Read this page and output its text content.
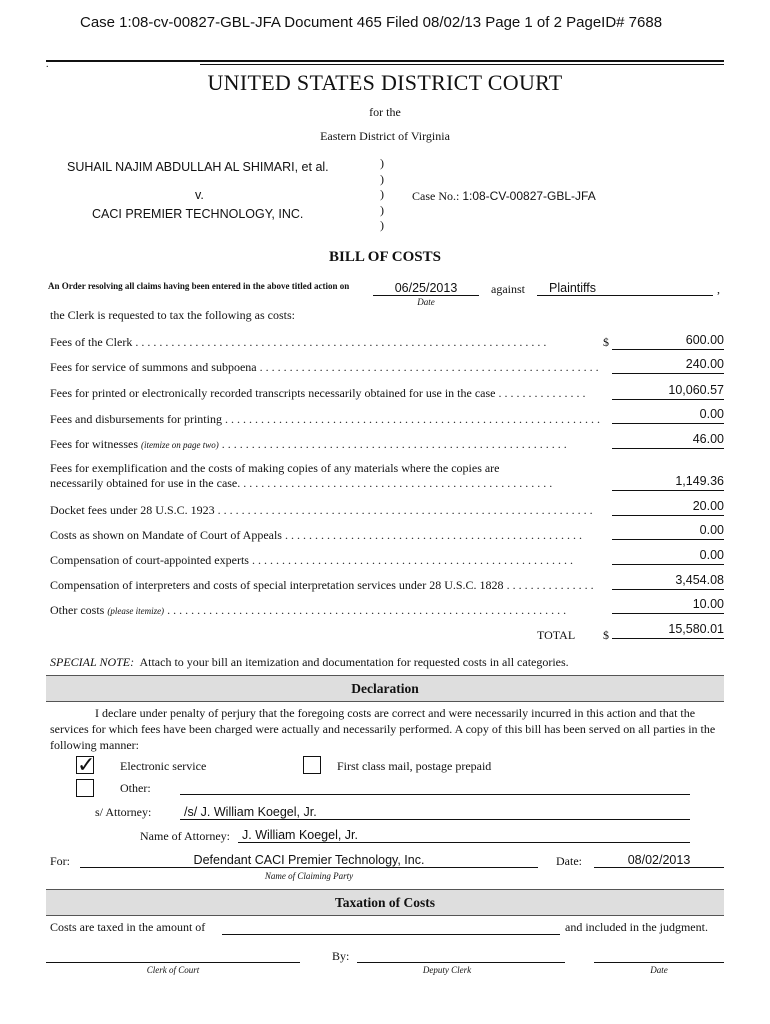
Case 1:08-cv-00827-GBL-JFA Document 465 Filed 08/02/13 Page 1 of 2 PageID# 7688
.
UNITED STATES DISTRICT COURT
for the
Eastern District of Virginia
SUHAIL NAJIM ABDULLAH AL SHIMARI, et al.
v.
CACI PREMIER TECHNOLOGY, INC.
)
)
)
)
)
Case No.: 1:08-CV-00827-GBL-JFA
BILL OF COSTS
An Order resolving all claims having been entered in the above titled action on	06/25/2013
Date
against	Plaintiffs	,
the Clerk is requested to tax the following as costs:
Fees of the Clerk . . . . . . . . . . . . . . . . . . . . . . . . . . . . . . . . . . . . . . . . . . . . . . . . . . . . . . . . . . . . . . . . . . . . .	$	600.00
Fees for service of summons and subpoena . . . . . . . . . . . . . . . . . . . . . . . . . . . . . . . . . . . . . . . . . . . . . . . . . . . . . . . . .	240.00
Fees for printed or electronically recorded transcripts necessarily obtained for use in the case . . . . . . . . . . . . . . .	10,060.57
Fees and disbursements for printing . . . . . . . . . . . . . . . . . . . . . . . . . . . . . . . . . . . . . . . . . . . . . . . . . . . . . . . . . . . . . . .	0.00
Fees for witnesses (itemize on page two) . . . . . . . . . . . . . . . . . . . . . . . . . . . . . . . . . . . . . . . . . . . . . . . . . . . . . . . . . .	46.00
Fees for exemplification and the costs of making copies of any materials where the copies are
necessarily obtained for use in the case. . . . . . . . . . . . . . . . . . . . . . . . . . . . . . . . . . . . . . . . . . . . . . . . . . . . .	1,149.36
Docket fees under 28 U.S.C. 1923 . . . . . . . . . . . . . . . . . . . . . . . . . . . . . . . . . . . . . . . . . . . . . . . . . . . . . . . . . . . . . . .	20.00
Costs as shown on Mandate of Court of Appeals . . . . . . . . . . . . . . . . . . . . . . . . . . . . . . . . . . . . . . . . . . . . . . . . . .	0.00
Compensation of court-appointed experts . . . . . . . . . . . . . . . . . . . . . . . . . . . . . . . . . . . . . . . . . . . . . . . . . . . . . .	0.00
Compensation of interpreters and costs of special interpretation services under 28 U.S.C. 1828 . . . . . . . . . . . . . . .	3,454.08
Other costs (please itemize) . . . . . . . . . . . . . . . . . . . . . . . . . . . . . . . . . . . . . . . . . . . . . . . . . . . . . . . . . . . . . . . . . . .	10.00
TOTAL $	15,580.01
SPECIAL NOTE: Attach to your bill an itemization and documentation for requested costs in all categories.
Declaration
I declare under penalty of perjury that the foregoing costs are correct and were necessarily incurred in this action and that the services for which fees have been charged were actually and necessarily performed. A copy of this bill has been served on all parties in the following manner:
✓ Electronic service	First class mail, postage prepaid
Other:
s/ Attorney:	/s/ J. William Koegel, Jr.
Name of Attorney: J. William Koegel, Jr.
For:	Defendant CACI Premier Technology, Inc.
Name of Claiming Party
Date:	08/02/2013
Taxation of Costs
Costs are taxed in the amount of	and included in the judgment.
Clerk of Court
By:
Deputy Clerk	Date
